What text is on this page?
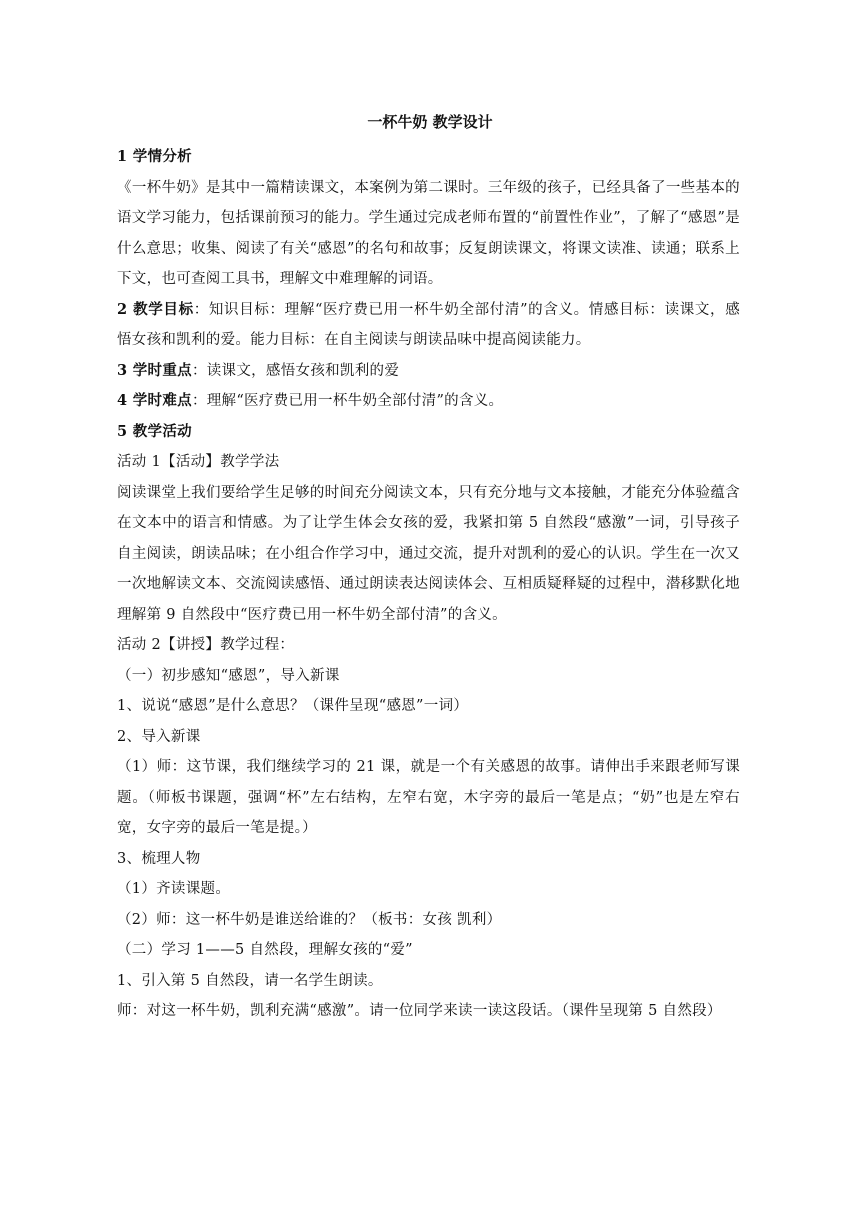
一杯牛奶 教学设计

1 学情分析

《一杯牛奶》是其中一篇精读课文，本案例为第二课时。三年级的孩子，已经具备了一些基本的语文学习能力，包括课前预习的能力。学生通过完成老师布置的“前置性作业”，了解了“感恩”是什么意思；收集、阅读了有关“感恩”的名句和故事；反复朗读课文，将课文读准、读通；联系上下文，也可查阅工具书，理解文中难理解的词语。

2 教学目标：知识目标：理解“医疗费已用一杯牛奶全部付清”的含义。情感目标：读课文，感悟女孩和凯利的爱。能力目标：在自主阅读与朗读品味中提高阅读能力。

3 学时重点：读课文，感悟女孩和凯利的爱

4 学时难点：理解“医疗费已用一杯牛奶全部付清”的含义。

5 教学活动

活动 1【活动】教学学法

阅读课堂上我们要给学生足够的时间充分阅读文本，只有充分地与文本接触，才能充分体验蕴含在文本中的语言和情感。为了让学生体会女孩的爱，我紧扣第 5 自然段“感激”一词，引导孩子自主阅读，朗读品味；在小组合作学习中，通过交流，提升对凯利的爱心的认识。学生在一次又一次地解读文本、交流阅读感悟、通过朗读表达阅读体会、互相质疑释疑的过程中，潜移默化地理解第 9 自然段中“医疗费已用一杯牛奶全部付清”的含义。

活动 2【讲授】教学过程：

（一）初步感知“感恩”，导入新课

1、说说“感恩”是什么意思？（课件呈现“感恩”一词）

2、导入新课

（1）师：这节课，我们继续学习的 21 课，就是一个有关感恩的故事。请伸出手来跟老师写课题。（师板书课题，强调“杯”左右结构，左窄右宽，木字旁的最后一笔是点；“奶”也是左窄右宽，女字旁的最后一笔是提。）

3、梳理人物

（1）齐读课题。

（2）师：这一杯牛奶是谁送给谁的？（板书：女孩 凯利）

（二）学习 1——5 自然段，理解女孩的“爱”

1、引入第 5 自然段，请一名学生朗读。

师：对这一杯牛奶，凯利充满“感激”。请一位同学来读一读这段话。（课件呈现第 5 自然段）
